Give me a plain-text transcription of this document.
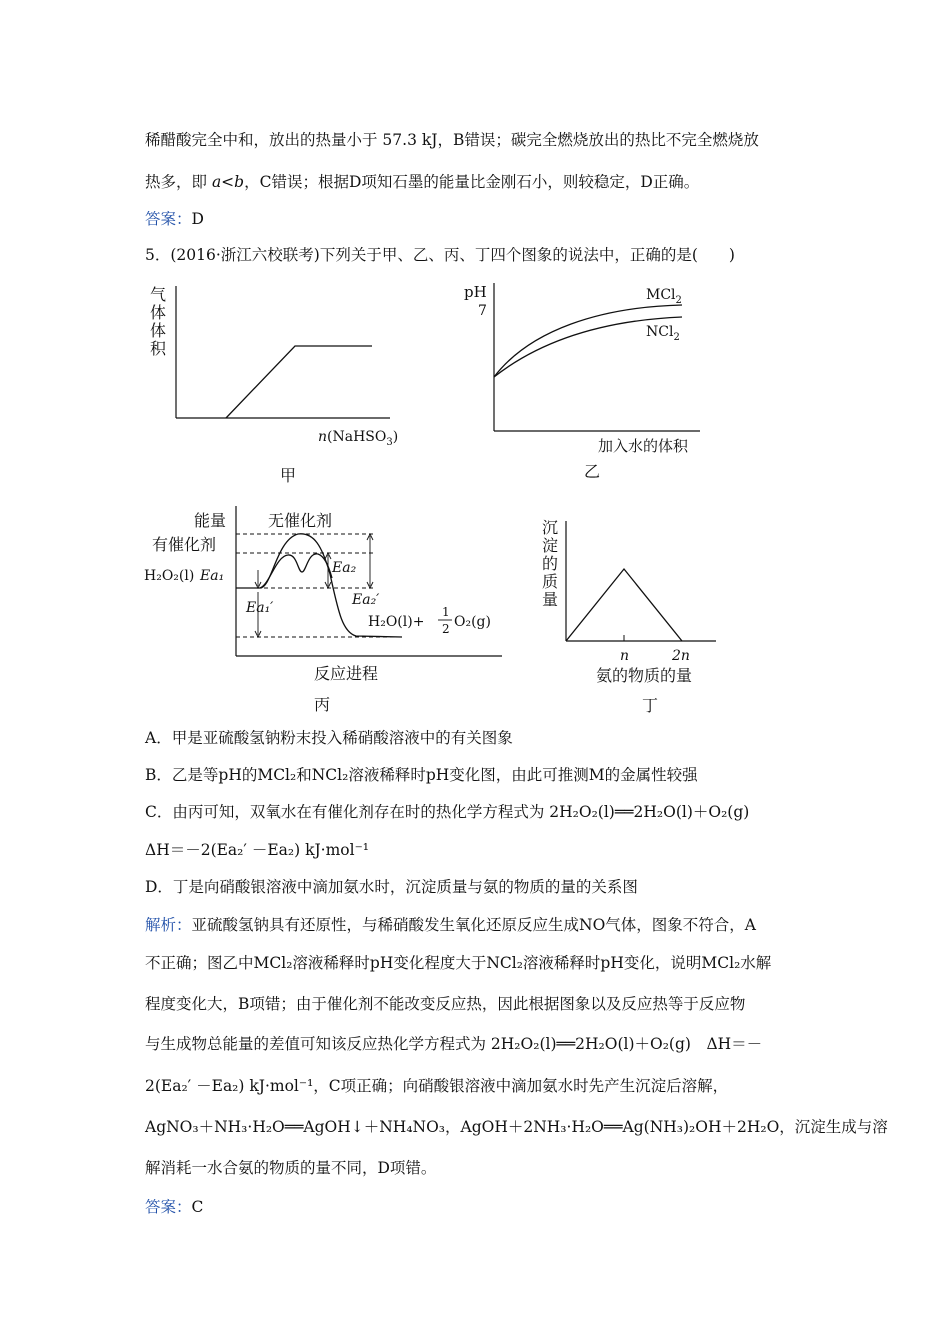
稀醋酸完全中和，放出的热量小于 57.3 kJ，B错误；碳完全燃烧放出的热比不完全燃烧放
热多，即 a<b，C错误；根据D项知石墨的能量比金刚石小，则较稳定，D正确。
答案：D
5．(2016·浙江六校联考)下列关于甲、乙、丙、丁四个图象的说法中，正确的是(　　)
气
体
体
积
n(NaHSO$_3$)
甲
pH
7
MCl$_2$
NCl$_2$
加入水的体积
乙
能量	无催化剂
有催化剂
H₂O₂(l) Ea₁	Ea₂
Ea₁′	Ea₂′
H₂O(l)+
1
2 O₂(g)
反应进程
丙
沉
淀
的
质
量
n	2n
氨的物质的量
丁
A．甲是亚硫酸氢钠粉末投入稀硝酸溶液中的有关图象
B．乙是等pH的MCl₂和NCl₂溶液稀释时pH变化图，由此可推测M的金属性较强
C．由丙可知，双氧水在有催化剂存在时的热化学方程式为 2H₂O₂(l)══2H₂O(l)＋O₂(g)
ΔH＝－2(Ea₂′ －Ea₂) kJ·mol⁻¹
D．丁是向硝酸银溶液中滴加氨水时，沉淀质量与氨的物质的量的关系图
解析：亚硫酸氢钠具有还原性，与稀硝酸发生氧化还原反应生成NO气体，图象不符合，A
不正确；图乙中MCl₂溶液稀释时pH变化程度大于NCl₂溶液稀释时pH变化，说明MCl₂水解
程度变化大，B项错；由于催化剂不能改变反应热，因此根据图象以及反应热等于反应物
与生成物总能量的差值可知该反应热化学方程式为 2H₂O₂(l)══2H₂O(l)＋O₂(g)　ΔH＝－
2(Ea₂′ －Ea₂) kJ·mol⁻¹，C项正确；向硝酸银溶液中滴加氨水时先产生沉淀后溶解，
AgNO₃＋NH₃·H₂O══AgOH↓＋NH₄NO₃，AgOH＋2NH₃·H₂O══Ag(NH₃)₂OH＋2H₂O，沉淀生成与溶
解消耗一水合氨的物质的量不同，D项错。
答案：C
